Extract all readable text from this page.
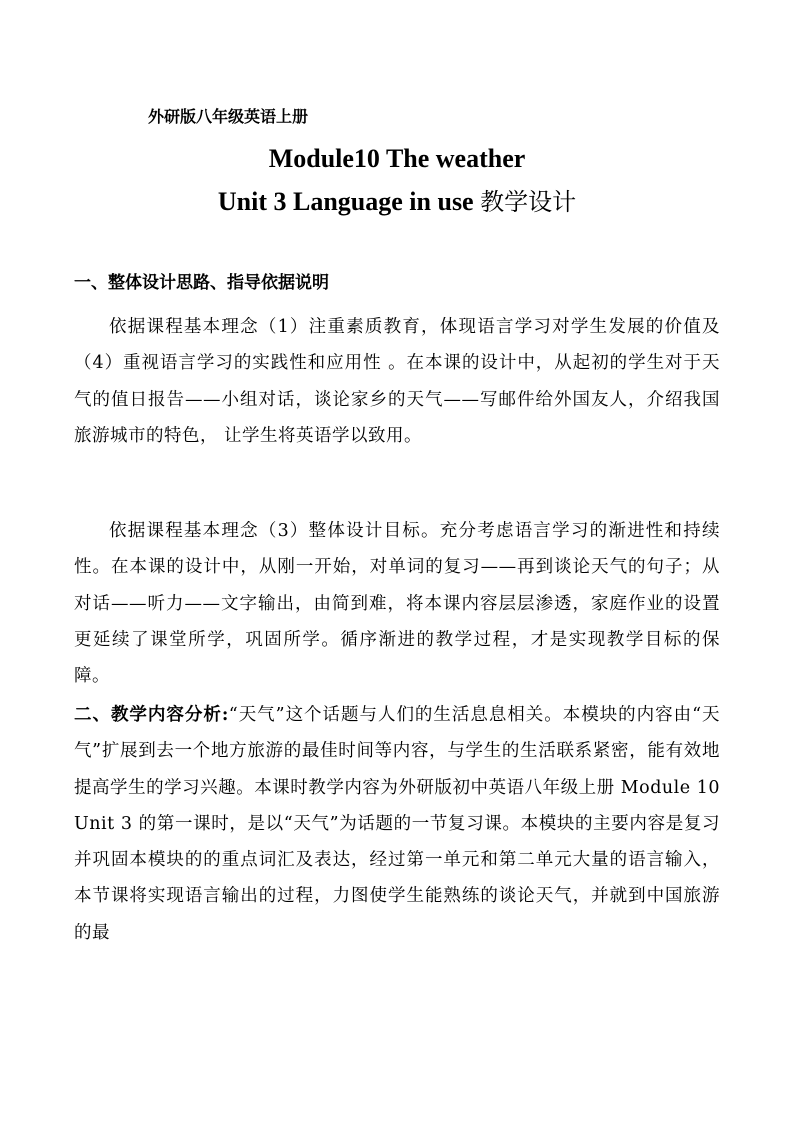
外研版八年级英语上册
Module10 The weather
Unit 3 Language in use 教学设计
一、整体设计思路、指导依据说明
依据课程基本理念（1）注重素质教育，体现语言学习对学生发展的价值及（4）重视语言学习的实践性和应用性 。在本课的设计中，从起初的学生对于天气的值日报告——小组对话，谈论家乡的天气——写邮件给外国友人，介绍我国旅游城市的特色， 让学生将英语学以致用。
依据课程基本理念（3）整体设计目标。充分考虑语言学习的渐进性和持续性。在本课的设计中，从刚一开始，对单词的复习——再到谈论天气的句子；从对话——听力——文字输出，由简到难，将本课内容层层渗透，家庭作业的设置更延续了课堂所学，巩固所学。循序渐进的教学过程，才是实现教学目标的保障。
二、教学内容分析:“天气”这个话题与人们的生活息息相关。本模块的内容由“天气”扩展到去一个地方旅游的最佳时间等内容，与学生的生活联系紧密，能有效地提高学生的学习兴趣。本课时教学内容为外研版初中英语八年级上册 Module 10 Unit 3 的第一课时，是以“天气”为话题的一节复习课。本模块的主要内容是复习并巩固本模块的的重点词汇及表达，经过第一单元和第二单元大量的语言输入，本节课将实现语言输出的过程，力图使学生能熟练的谈论天气，并就到中国旅游的最
